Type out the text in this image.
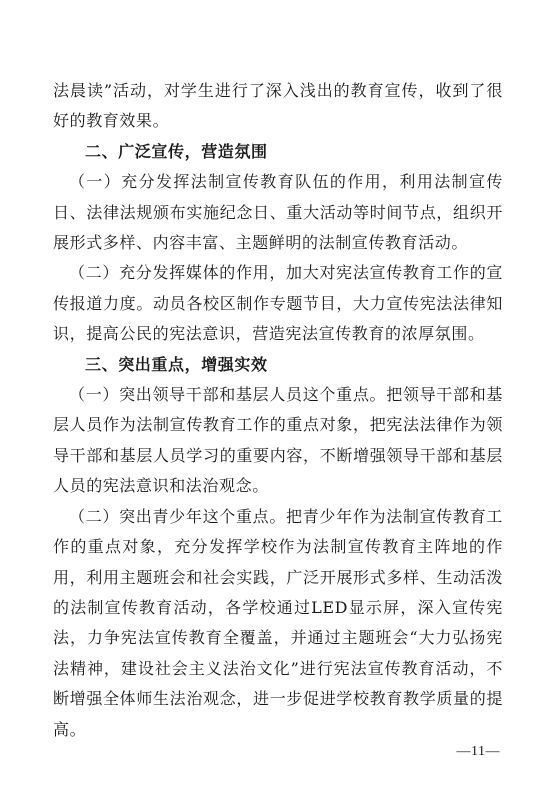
法晨读”活动，对学生进行了深入浅出的教育宣传，收到了很好的教育效果。

二、广泛宣传，营造氛围

（一）充分发挥法制宣传教育队伍的作用，利用法制宣传日、法律法规颁布实施纪念日、重大活动等时间节点，组织开展形式多样、内容丰富、主题鲜明的法制宣传教育活动。

（二）充分发挥媒体的作用，加大对宪法宣传教育工作的宣传报道力度。动员各校区制作专题节目，大力宣传宪法法律知识，提高公民的宪法意识，营造宪法宣传教育的浓厚氛围。

三、突出重点，增强实效

（一）突出领导干部和基层人员这个重点。把领导干部和基层人员作为法制宣传教育工作的重点对象，把宪法法律作为领导干部和基层人员学习的重要内容，不断增强领导干部和基层人员的宪法意识和法治观念。

（二）突出青少年这个重点。把青少年作为法制宣传教育工作的重点对象，充分发挥学校作为法制宣传教育主阵地的作用，利用主题班会和社会实践，广泛开展形式多样、生动活泼的法制宣传教育活动，各学校通过LED显示屏，深入宣传宪法，力争宪法宣传教育全覆盖，并通过主题班会“大力弘扬宪法精神，建设社会主义法治文化”进行宪法宣传教育活动，不断增强全体师生法治观念，进一步促进学校教育教学质量的提高。

—11—
